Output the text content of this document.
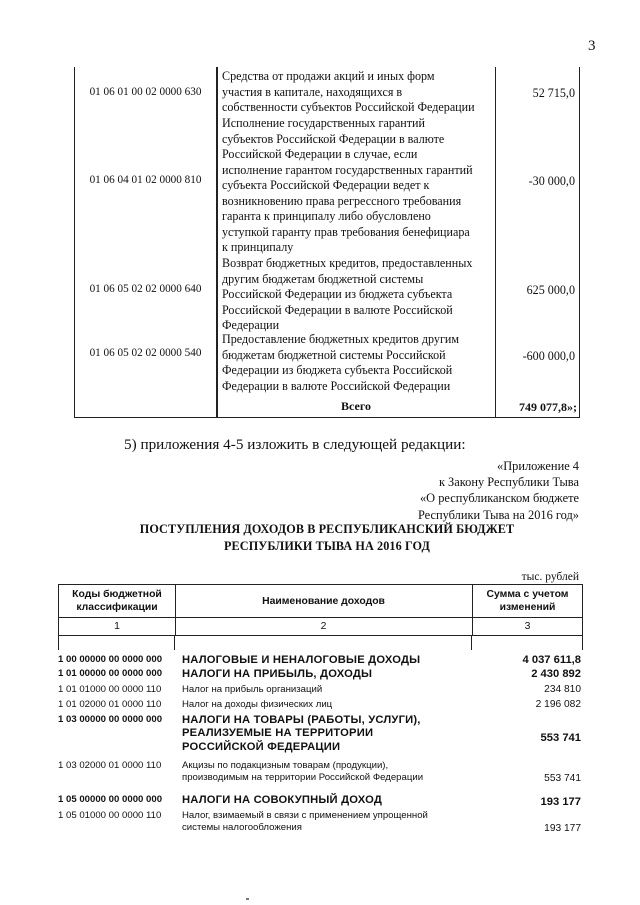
3
01 06 01 00 02 0000 630
Средства от продажи акций и иных форм
участия в капитале, находящихся в
собственности субъектов Российской Федерации
52 715,0
01 06 04 01 02 0000 810
Исполнение государственных гарантий
субъектов Российской Федерации в валюте
Российской Федерации в случае, если
исполнение гарантом государственных гарантий
субъекта Российской Федерации ведет к
возникновению права регрессного требования
гаранта к принципалу либо обусловлено
уступкой гаранту прав требования бенефициара
к принципалу
-30 000,0
01 06 05 02 02 0000 640
Возврат бюджетных кредитов, предоставленных
другим бюджетам бюджетной системы
Российской Федерации из бюджета субъекта
Российской Федерации в валюте Российской
Федерации
625 000,0
01 06 05 02 02 0000 540
Предоставление бюджетных кредитов другим
бюджетам бюджетной системы Российской
Федерации из бюджета субъекта Российской
Федерации в валюте Российской Федерации
-600 000,0
Всего	749 077,8»;
5) приложения 4-5 изложить в следующей редакции:
«Приложение 4
к Закону Республики Тыва
«О республиканском бюджете
Республики Тыва на 2016 год»
ПОСТУПЛЕНИЯ ДОХОДОВ В РЕСПУБЛИКАНСКИЙ БЮДЖЕТ
РЕСПУБЛИКИ ТЫВА НА 2016 ГОД
тыс. рублей
Коды бюджетной
классификации
Наименование доходов
Сумма с учетом
изменений
1	2	3
1 00 00000 00 0000 000	НАЛОГОВЫЕ И НЕНАЛОГОВЫЕ ДОХОДЫ	4 037 611,8
1 01 00000 00 0000 000	НАЛОГИ НА ПРИБЫЛЬ, ДОХОДЫ	2 430 892
1 01 01000 00 0000 110	Налог на прибыль организаций	234 810
1 01 02000 01 0000 110	Налог на доходы физических лиц	2 196 082
1 03 00000 00 0000 000	НАЛОГИ НА ТОВАРЫ (РАБОТЫ, УСЛУГИ),
РЕАЛИЗУЕМЫЕ НА ТЕРРИТОРИИ
РОССИЙСКОЙ ФЕДЕРАЦИИ
553 741
1 03 02000 01 0000 110	Акцизы по подакцизным товарам (продукции),
производимым на территории Российской Федерации	553 741
1 05 00000 00 0000 000	НАЛОГИ НА СОВОКУПНЫЙ ДОХОД	193 177
1 05 01000 00 0000 110	Налог, взимаемый в связи с применением упрощенной
системы налогообложения	193 177
